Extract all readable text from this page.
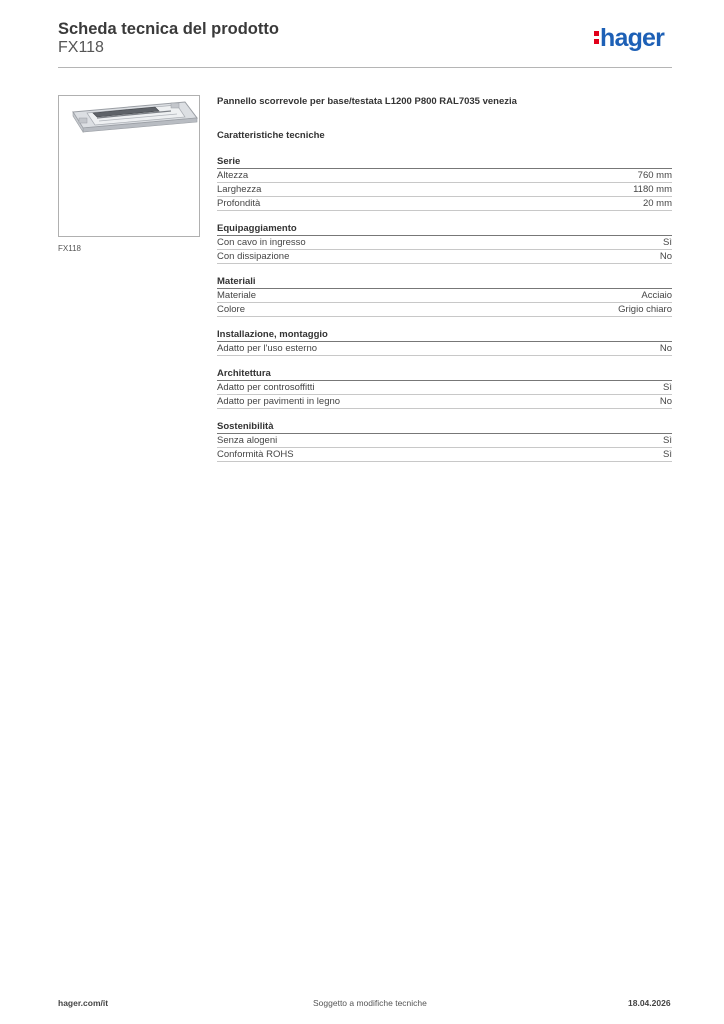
Scheda tecnica del prodotto
FX118	hager
FX118
Pannello scorrevole per base/testata L1200 P800 RAL7035 venezia
Caratteristiche tecniche
Serie
Altezza	760 mm
Larghezza	1180 mm
Profondità	20 mm
Equipaggiamento
Con cavo in ingresso	Sì
Con dissipazione	No
Materiali
Materiale	Acciaio
Colore	Grigio chiaro
Installazione, montaggio
Adatto per l'uso esterno	No
Architettura
Adatto per controsoffitti	Sì
Adatto per pavimenti in legno	No
Sostenibilità
Senza alogeni	Sì
Conformità ROHS	Sì
hager.com/it	Soggetto a modifiche tecniche	18.04.2026
